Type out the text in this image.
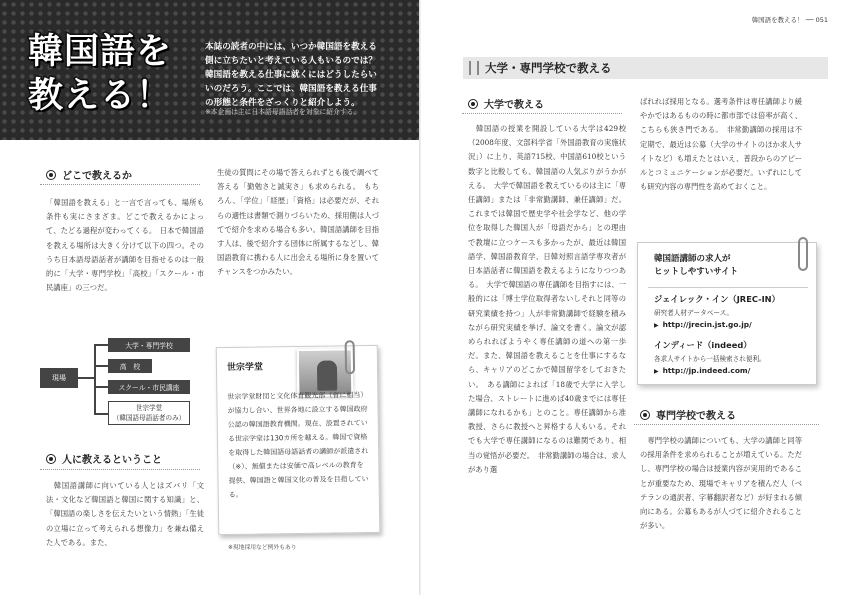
韓国語を
教える！
本誌の読者の中には、いつか韓国語を教える側に立ちたいと考えている人もいるのでは？ 韓国語を教える仕事に就くにはどうしたらいいのだろう。ここでは、韓国語を教える仕事の形態と条件をざっくりと紹介しよう。
※本企画は主に日本語母語話者を対象に紹介する。
どこで教えるか
「韓国語を教える」と一言で言っても、場所も条件も実にさまざま。どこで教えるかによって、たどる過程が変わってくる。　日本で韓国語を教える場所は大きく分けて以下の四つ。そのうち日本語母語話者が講師を目指せるのは一般的に「大学・専門学校」「高校」「スクール・市民講座」の三つだ。
生徒の質問にその場で答えられずとも後で調べて答える「勤勉さと誠実さ」も求められる。　もちろん、「学位」「経歴」「資格」は必要だが、それらの適性は書類で測りづらいため、採用側は人づてで紹介を求める場合も多い。韓国語講師を目指す人は、後で紹介する団体に所属するなどし、韓国語教育に携わる人に出会える場所に身を置いてチャンスをつかみたい。
現場
大学・専門学校
高　校
スクール・市民講座
世宗学堂
（韓国語母語話者のみ）
人に教えるということ
　韓国語講師に向いている人とはズバリ「文法・文化など韓国語と韓国に関する知識」と、「韓国語の楽しさを伝えたいという情熱」「生徒の立場に立って考えられる想像力」を兼ね備えた人である。また、
世宗学堂
世宗学堂財団と文化体育観光部（省に相当）が協力し合い、世界各地に設立する韓国政府公認の韓国語教育機関。現在、設置されている世宗学堂は130カ所を越える。韓国で資格を取得した韓国語母語話者の講師が派遣され（※）、無償または安価で高レベルの教育を提供、韓国語と韓国文化の普及を目指している。
※現地採用など例外もあり
韓国語を教える！ ── 051
大学・専門学校で教える
大学で教える
　韓国語の授業を開設している大学は429校（2008年度、文部科学省「外国語教育の実施状況」）に上り、英語715校、中国語610校という数字と比較しても、韓国語の人気ぶりがうかがえる。　大学で韓国語を教えているのは主に「専任講師」または「非常勤講師、兼任講師」だ。これまでは韓国で歴史学や社会学など、他の学位を取得した韓国人が「母語だから」との理由で教壇に立つケースも多かったが、最近は韓国語学、韓国語教育学、日韓対照言語学専攻者が日本語話者に韓国語を教えるようになりつつある。　大学で韓国語の専任講師を目指すには、一般的には「博士学位取得者ないしそれと同等の研究業績を持つ」人が非常勤講師で経験を積みながら研究実績を挙げ、論文を書く。論文が認められればようやく専任講師の道への第一歩だ。また、韓国語を教えることを仕事にするなら、キャリアのどこかで韓国留学をしておきたい。　ある講師によれば「18歳で大学に入学した場合、ストレートに進めば40歳までには専任講師になれるかも」とのこと。専任講師から准教授、さらに教授へと昇格する人もいる。それでも大学で専任講師になるのは難関であり、相当の覚悟が必要だ。　非常勤講師の場合は、求人があり選
ばれれば採用となる。選考条件は専任講師より緩やかではあるものの時に都市部では倍率が高く、こちらも狭き門である。　非常勤講師の採用は不定期で、最近は公募（大学のサイトのほか求人サイトなど）も増えたとはいえ、普段からのアピールとコミュニケーションが必要だ。いずれにしても研究内容の専門性を高めておくこと。
韓国語講師の求人が
ヒットしやすいサイト
ジェイレック・イン（JREC-IN）
研究者人材データベース。
▶ http://jrecin.jst.go.jp/
インディード（indeed）
各求人サイトから一括検索され便利。
▶ http://jp.indeed.com/
専門学校で教える
　専門学校の講師についても、大学の講師と同等の採用条件を求められることが増えている。ただし、専門学校の場合は授業内容が実用的であることが重要なため、現場でキャリアを積んだ人（ベテランの通訳者、字幕翻訳者など）が好まれる傾向にある。公募もあるが人づてに紹介されることが多い。
